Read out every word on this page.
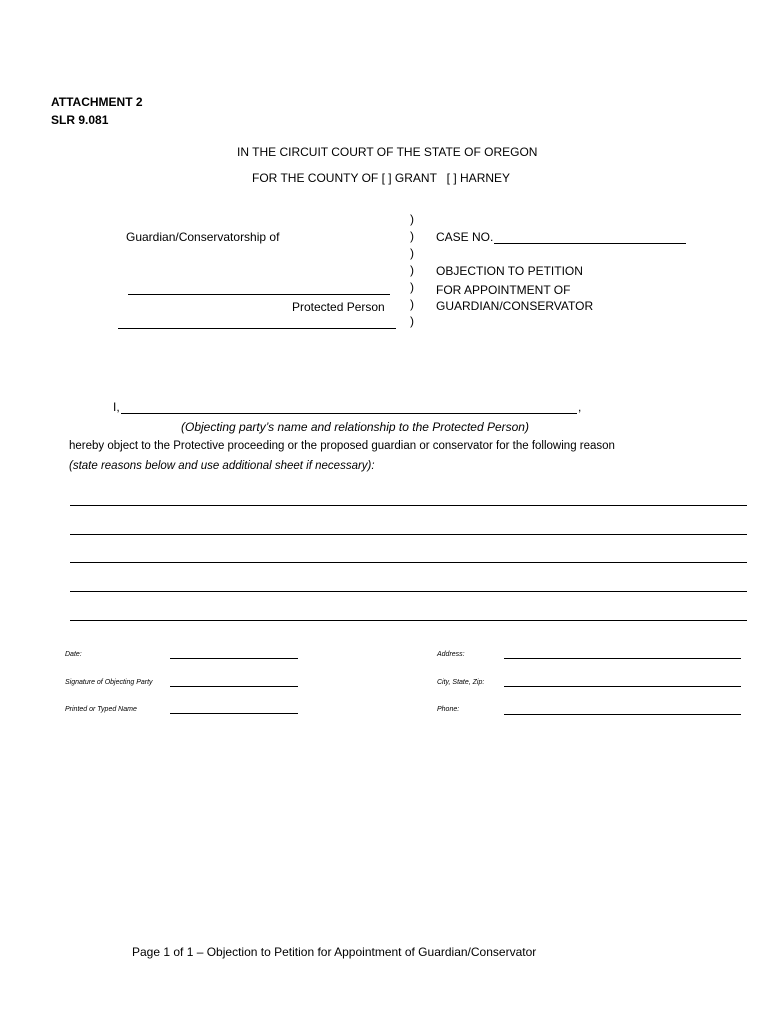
ATTACHMENT 2
SLR 9.081
IN THE CIRCUIT COURT OF THE STATE OF OREGON
FOR THE COUNTY OF [ ] GRANT   [ ] HARNEY
Guardian/Conservatorship of
Protected Person
)
)
)
)
)
)
)
CASE NO.
OBJECTION TO PETITION
FOR APPOINTMENT OF
GUARDIAN/CONSERVATOR
I,	,
(Objecting party’s name and relationship to the Protected Person)
hereby object to the Protective proceeding or the proposed guardian or conservator for the following reason
(state reasons below and use additional sheet if necessary):
Date:
Signature of Objecting Party
Printed or Typed Name
Address:
City, State, Zip:
Phone:
Page 1 of 1 – Objection to Petition for Appointment of Guardian/Conservator
